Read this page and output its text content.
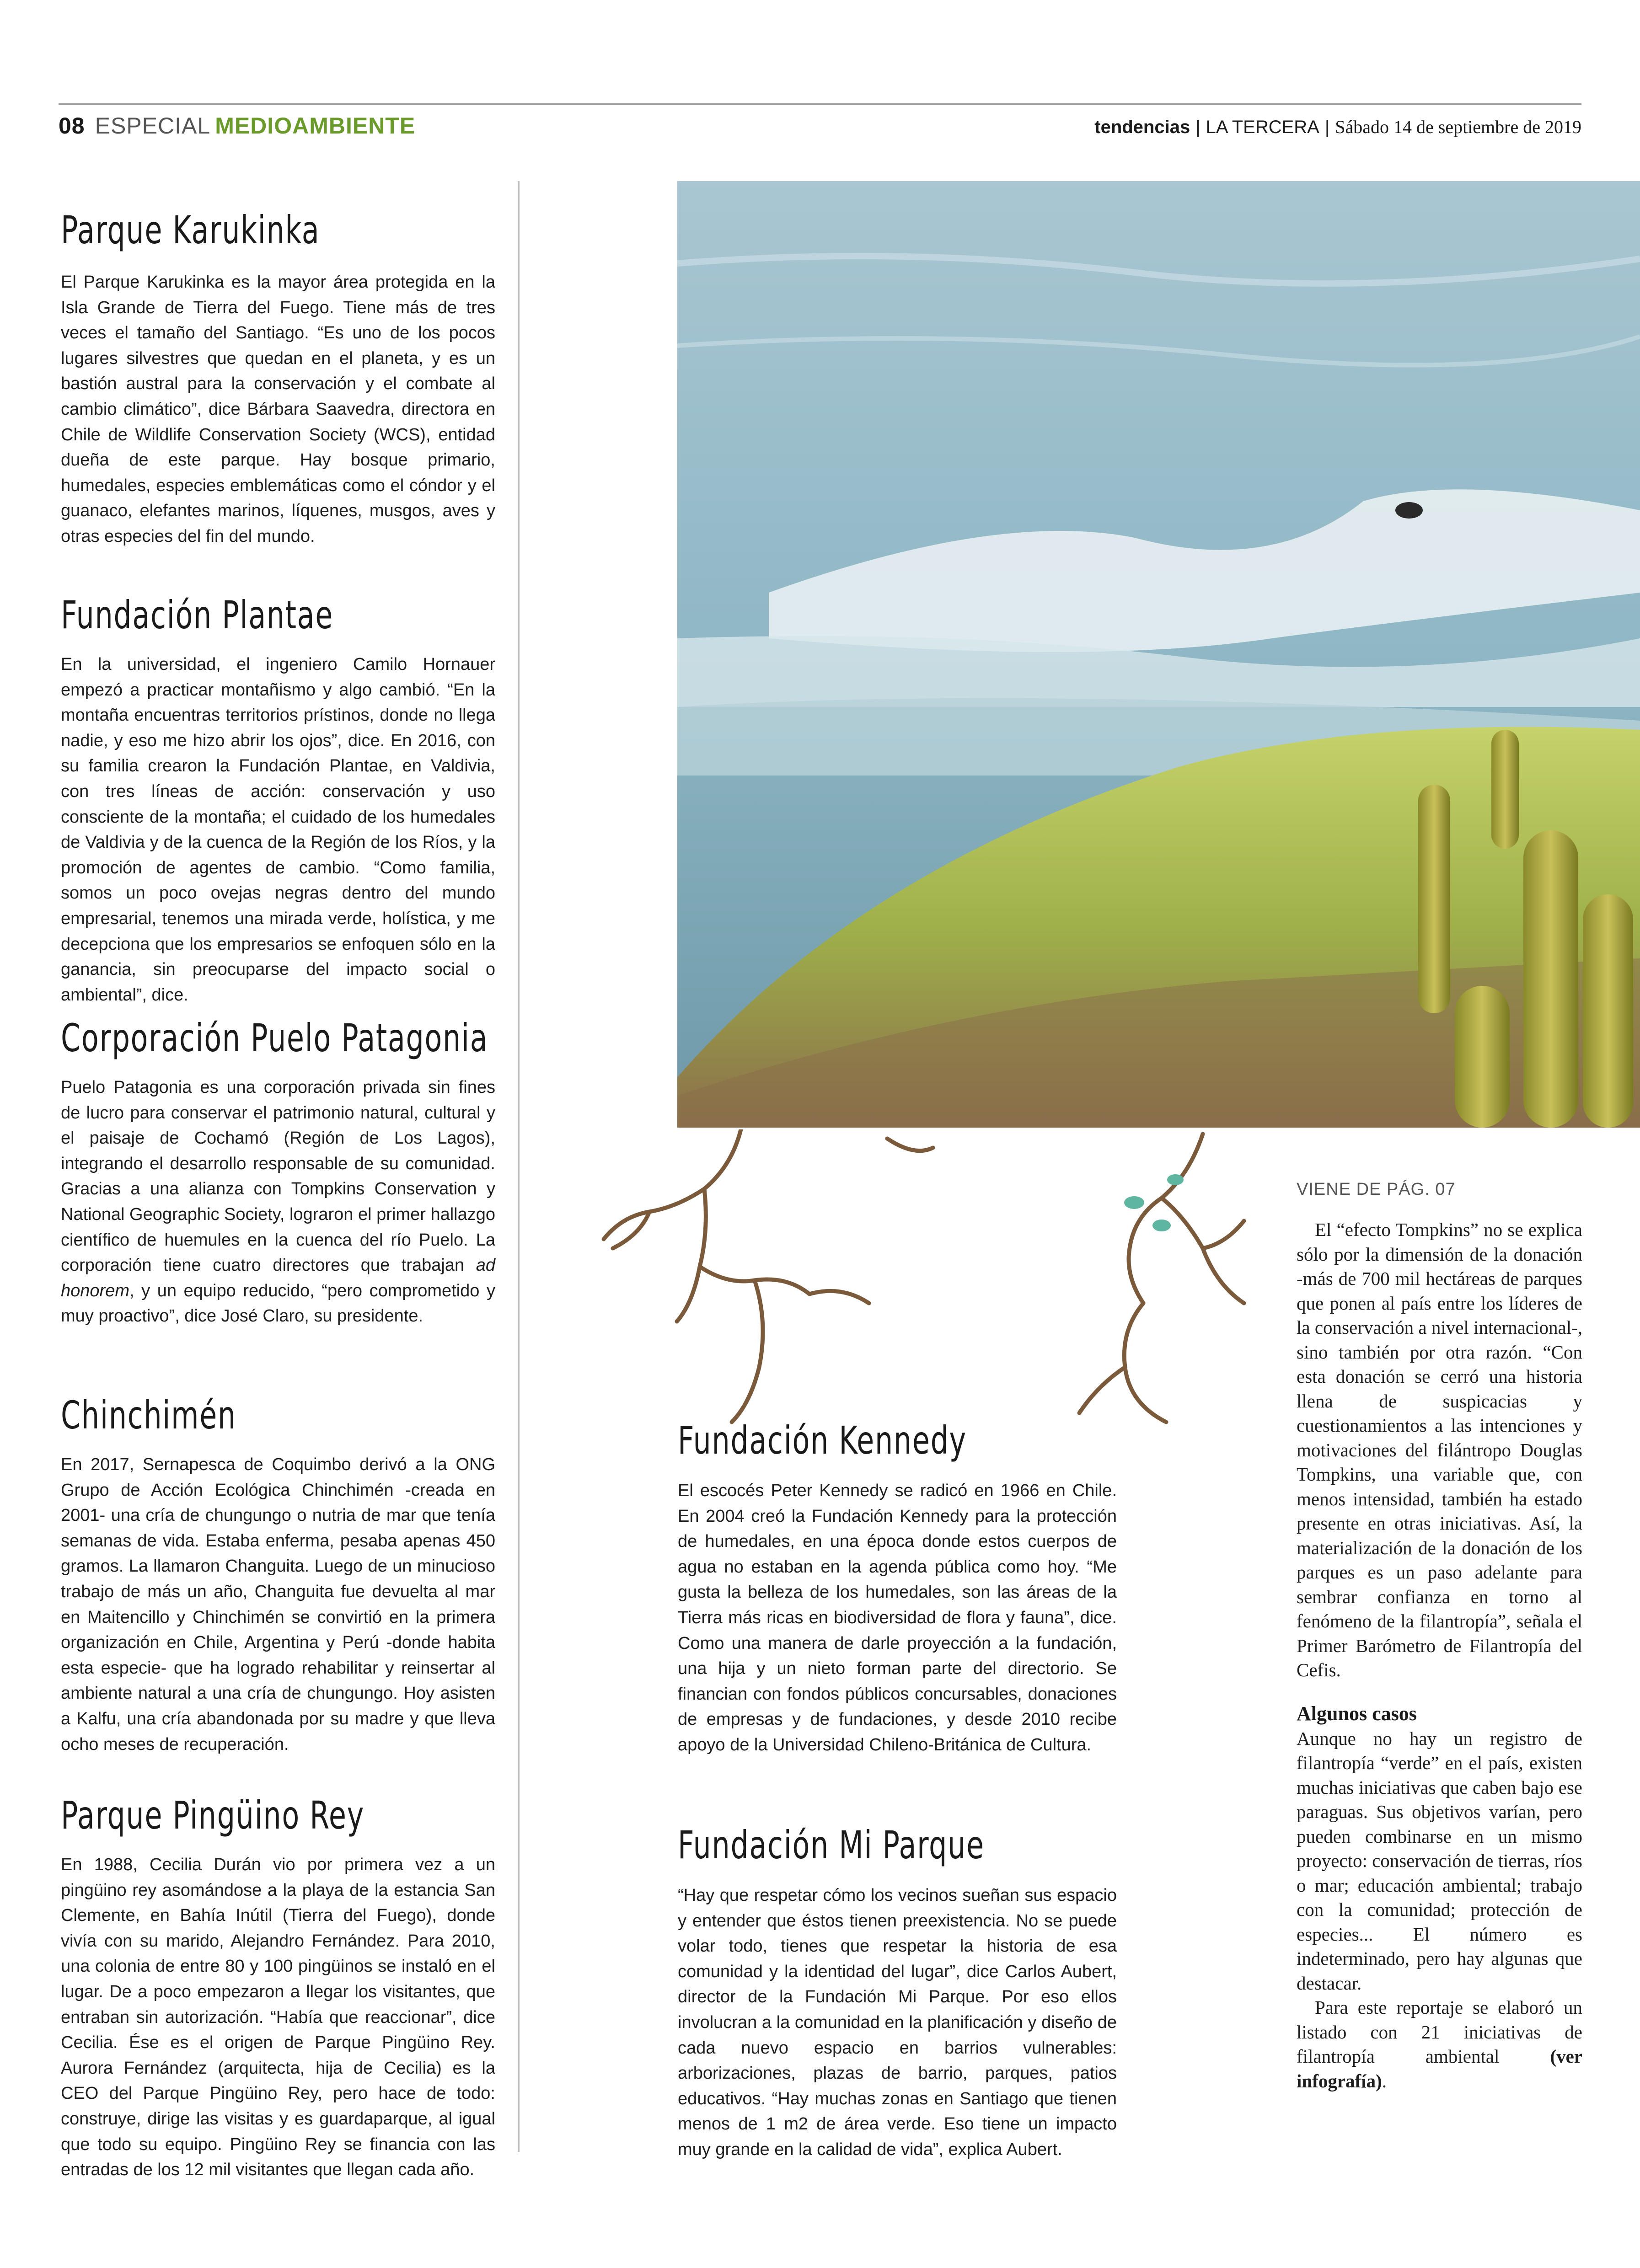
08 ESPECIAL MEDIOAMBIENTE	tendencias | LA TERCERA | Sábado 14 de septiembre de 2019
Parque Karukinka
El Parque Karukinka es la mayor área protegida en la Isla Grande de Tierra del Fuego. Tiene más de tres veces el tamaño del Santiago. “Es uno de los pocos lugares silvestres que quedan en el planeta, y es un bastión austral para la conservación y el combate al cambio climático”, dice Bárbara Saavedra, directora en Chile de Wildlife Conservation Society (WCS), entidad dueña de este parque. Hay bosque primario, humedales, especies emblemáticas como el cóndor y el guanaco, elefantes marinos, líquenes, musgos, aves y otras especies del fin del mundo.
Fundación Plantae
En la universidad, el ingeniero Camilo Hornauer empezó a practicar montañismo y algo cambió. “En la montaña encuentras territorios prístinos, donde no llega nadie, y eso me hizo abrir los ojos”, dice. En 2016, con su familia crearon la Fundación Plantae, en Valdivia, con tres líneas de acción: conservación y uso consciente de la montaña; el cuidado de los humedales de Valdivia y de la cuenca de la Región de los Ríos, y la promoción de agentes de cambio. “Como familia, somos un poco ovejas negras dentro del mundo empresarial, tenemos una mirada verde, holística, y me decepciona que los empresarios se enfoquen sólo en la ganancia, sin preocuparse del impacto social o ambiental”, dice.
Corporación Puelo Patagonia
Puelo Patagonia es una corporación privada sin fines de lucro para conservar el patrimonio natural, cultural y el paisaje de Cochamó (Región de Los Lagos), integrando el desarrollo responsable de su comunidad. Gracias a una alianza con Tompkins Conservation y National Geographic Society, lograron el primer hallazgo científico de huemules en la cuenca del río Puelo. La corporación tiene cuatro directores que trabajan ad honorem, y un equipo reducido, “pero comprometido y muy proactivo”, dice José Claro, su presidente.
Chinchimén
En 2017, Sernapesca de Coquimbo derivó a la ONG Grupo de Acción Ecológica Chinchimén -creada en 2001- una cría de chungungo o nutria de mar que tenía semanas de vida. Estaba enferma, pesaba apenas 450 gramos. La llamaron Changuita. Luego de un minucioso trabajo de más un año, Changuita fue devuelta al mar en Maitencillo y Chinchimén se convirtió en la primera organización en Chile, Argentina y Perú -donde habita esta especie- que ha logrado rehabilitar y reinsertar al ambiente natural a una cría de chungungo. Hoy asisten a Kalfu, una cría abandonada por su madre y que lleva ocho meses de recuperación.
Parque Pingüino Rey
En 1988, Cecilia Durán vio por primera vez a un pingüino rey asomándose a la playa de la estancia San Clemente, en Bahía Inútil (Tierra del Fuego), donde vivía con su marido, Alejandro Fernández. Para 2010, una colonia de entre 80 y 100 pingüinos se instaló en el lugar. De a poco empezaron a llegar los visitantes, que entraban sin autorización. “Había que reaccionar”, dice Cecilia. Ése es el origen de Parque Pingüino Rey. Aurora Fernández (arquitecta, hija de Cecilia) es la CEO del Parque Pingüino Rey, pero hace de todo: construye, dirige las visitas y es guardaparque, al igual que todo su equipo. Pingüino Rey se financia con las entradas de los 12 mil visitantes que llegan cada año.
Fundación Kennedy
El escocés Peter Kennedy se radicó en 1966 en Chile. En 2004 creó la Fundación Kennedy para la protección de humedales, en una época donde estos cuerpos de agua no estaban en la agenda pública como hoy. “Me gusta la belleza de los humedales, son las áreas de la Tierra más ricas en biodiversidad de flora y fauna”, dice. Como una manera de darle proyección a la fundación, una hija y un nieto forman parte del directorio. Se financian con fondos públicos concursables, donaciones de empresas y de fundaciones, y desde 2010 recibe apoyo de la Universidad Chileno-Británica de Cultura.
Fundación Mi Parque
“Hay que respetar cómo los vecinos sueñan sus espacio y entender que éstos tienen preexistencia. No se puede volar todo, tienes que respetar la historia de esa comunidad y la identidad del lugar”, dice Carlos Aubert, director de la Fundación Mi Parque. Por eso ellos involucran a la comunidad en la planificación y diseño de cada nuevo espacio en barrios vulnerables: arborizaciones, plazas de barrio, parques, patios educativos. “Hay muchas zonas en Santiago que tienen menos de 1 m2 de área verde. Eso tiene un impacto muy grande en la calidad de vida”, explica Aubert.
VIENE DE PÁG. 07
El “efecto Tompkins” no se explica sólo por la dimensión de la donación -más de 700 mil hectáreas de parques que ponen al país entre los líderes de la conservación a nivel internacional-, sino también por otra razón. “Con esta donación se cerró una historia llena de suspicacias y cuestionamientos a las intenciones y motivaciones del filántropo Douglas Tompkins, una variable que, con menos intensidad, también ha estado presente en otras iniciativas. Así, la materialización de la donación de los parques es un paso adelante para sembrar confianza en torno al fenómeno de la filantropía”, señala el Primer Barómetro de Filantropía del Cefis.
Algunos casos
Aunque no hay un registro de filantropía “verde” en el país, existen muchas iniciativas que caben bajo ese paraguas. Sus objetivos varían, pero pueden combinarse en un mismo proyecto: conservación de tierras, ríos o mar; educación ambiental; trabajo con la comunidad; protección de especies... El número es indeterminado, pero hay algunas que destacar.
Para este reportaje se elaboró un listado con 21 iniciativas de filantropía ambiental (ver infografía).
